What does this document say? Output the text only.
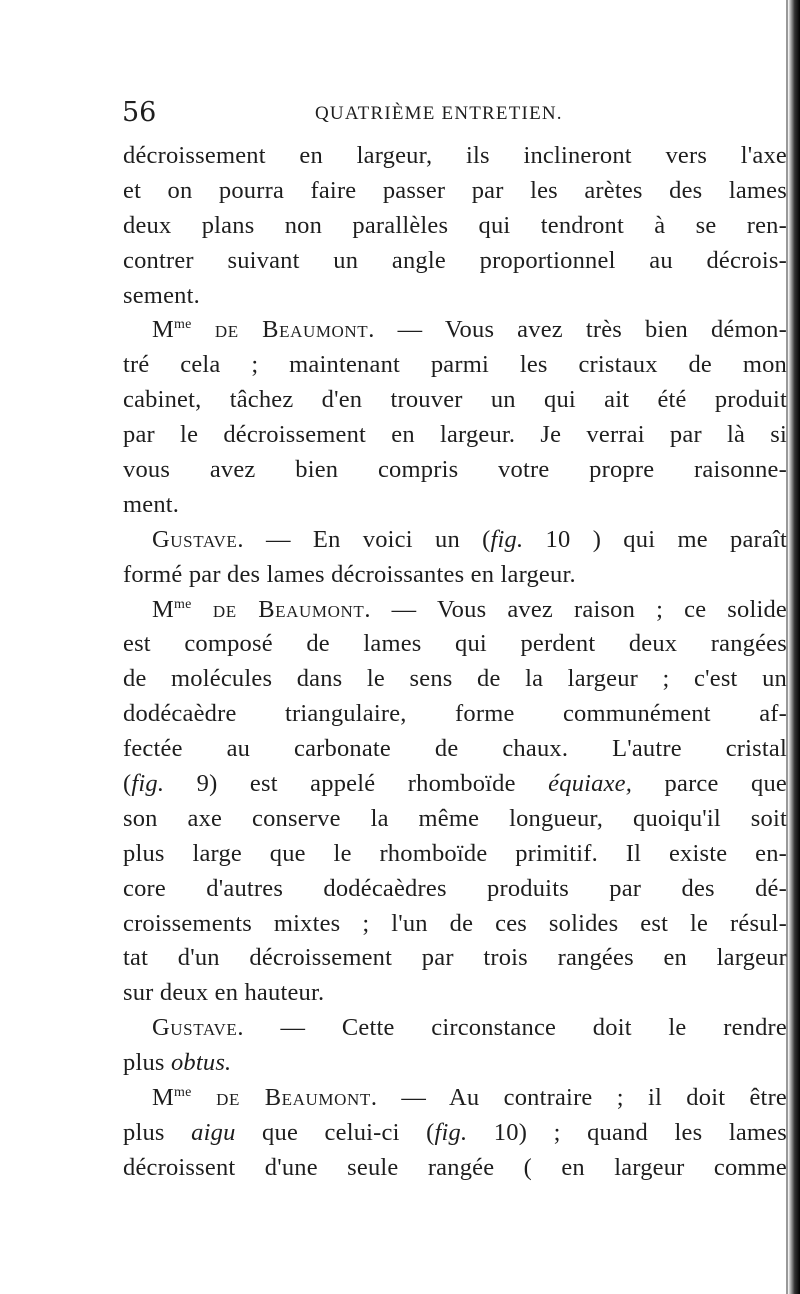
56	QUATRIÈME ENTRETIEN.
décroissement en largeur, ils inclineront vers l'axe
et on pourra faire passer par les arètes des lames
deux plans non parallèles qui tendront à se ren-
contrer suivant un angle proportionnel au décrois-
sement.
$M^{me}$ de Beaumont. — Vous avez très bien démon-
tré cela ; maintenant parmi les cristaux de mon
cabinet, tâchez d'en trouver un qui ait été produit
par le décroissement en largeur. Je verrai par là si
vous avez bien compris votre propre raisonne-
ment.
Gustave. — En voici un (fig. 10 ) qui me paraît
formé par des lames décroissantes en largeur.
$M^{me}$ de Beaumont. — Vous avez raison ; ce solide
est composé de lames qui perdent deux rangées
de molécules dans le sens de la largeur ; c'est un
dodécaèdre triangulaire, forme communément af-
fectée au carbonate de chaux. L'autre cristal
(fig. 9) est appelé rhomboïde équiaxe, parce que
son axe conserve la même longueur, quoiqu'il soit
plus large que le rhomboïde primitif. Il existe en-
core d'autres dodécaèdres produits par des dé-
croissements mixtes ; l'un de ces solides est le résul-
tat d'un décroissement par trois rangées en largeur
sur deux en hauteur.
Gustave. — Cette circonstance doit le rendre
plus obtus.
$M^{me}$ de Beaumont. — Au contraire ; il doit être
plus aigu que celui-ci (fig. 10) ; quand les lames
décroissent d'une seule rangée ( en largeur comme
